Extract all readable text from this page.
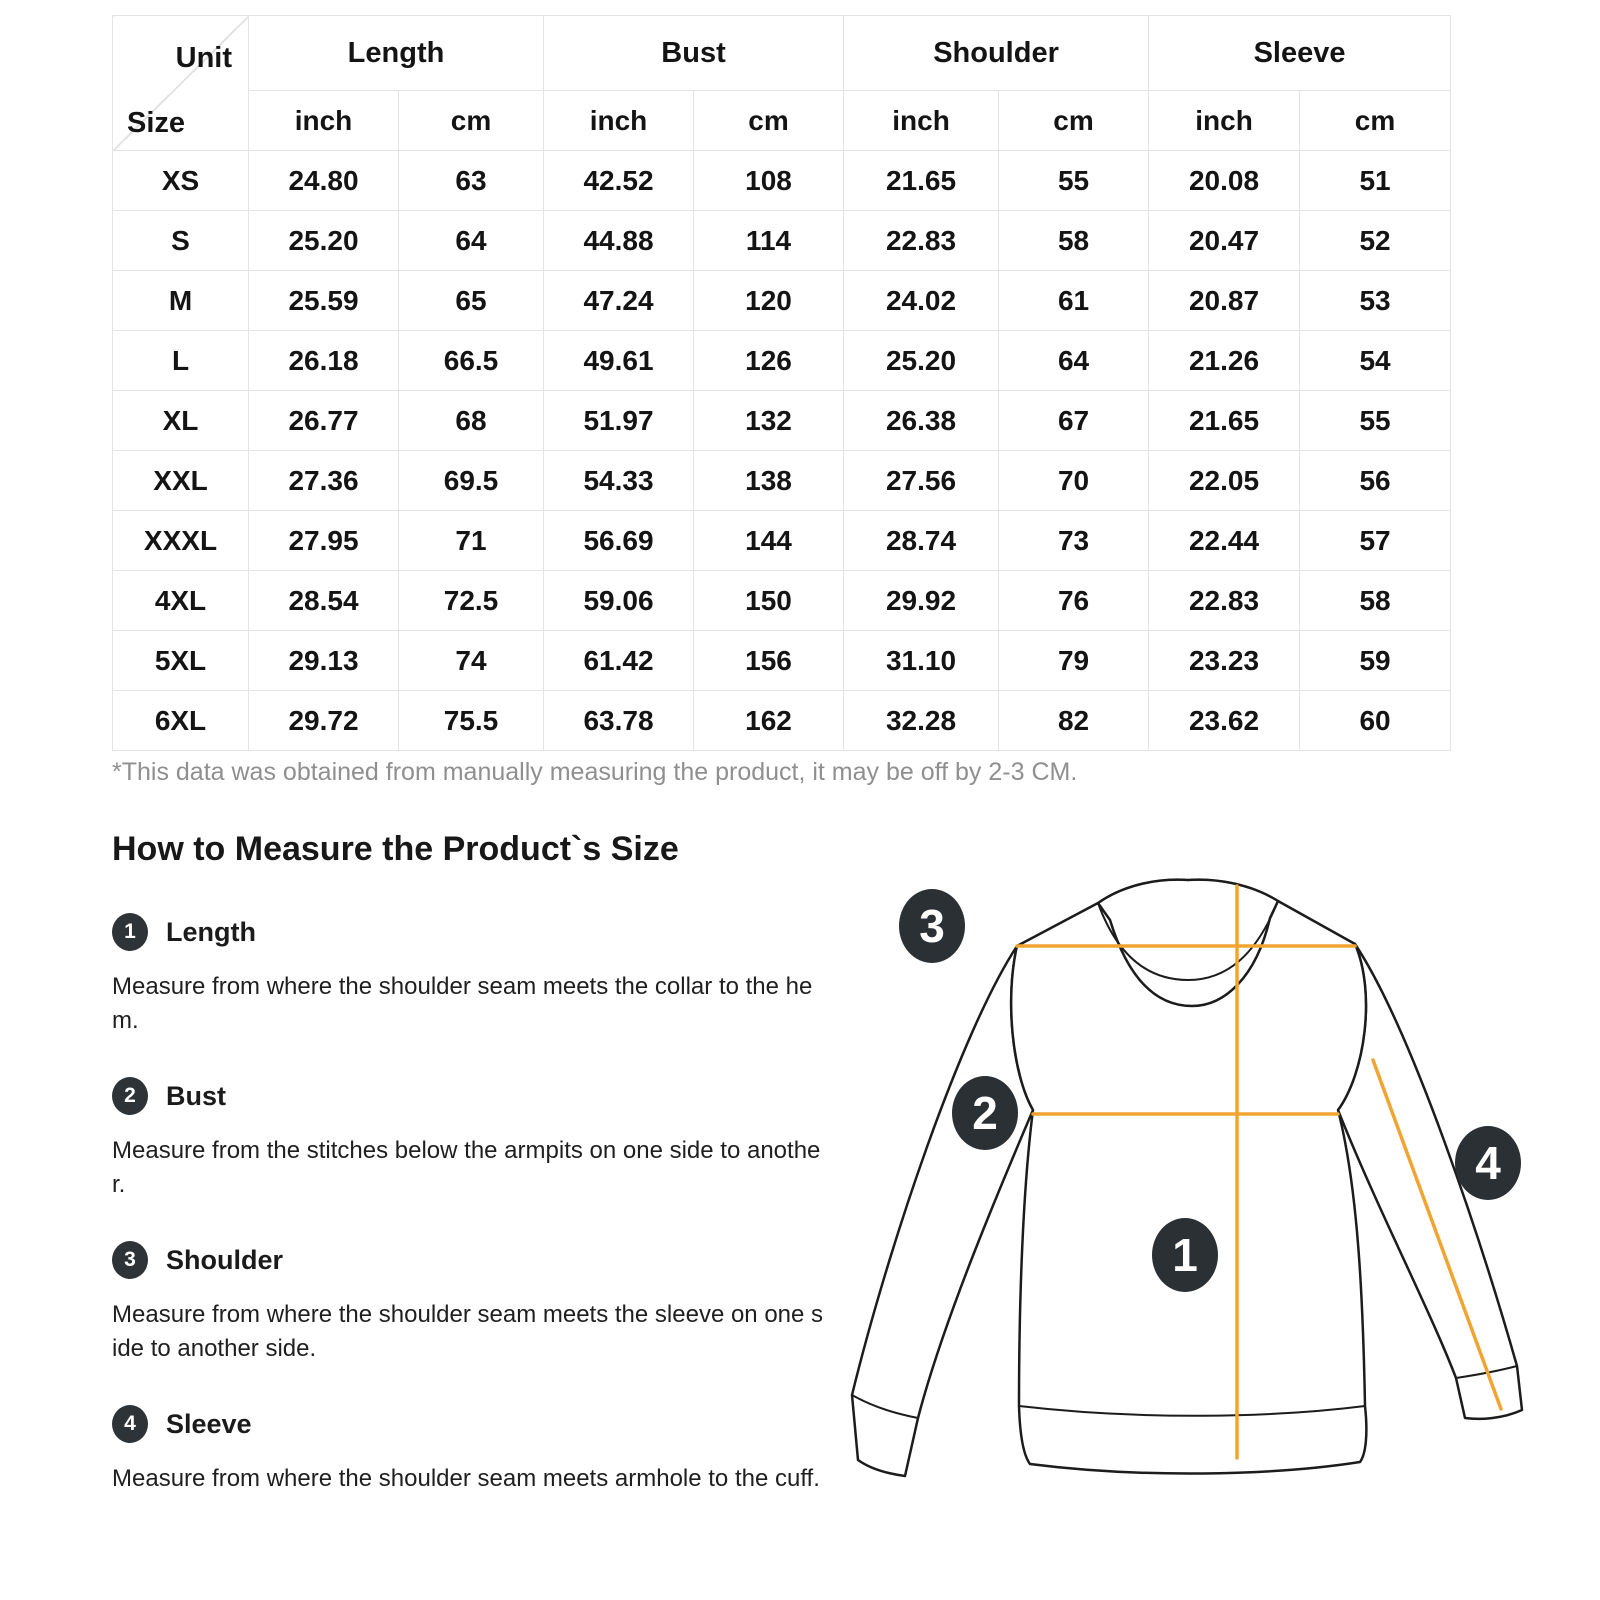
Unit
Size	Length		Bust		Shoulder		Sleeve	
	inch	cm	inch	cm	inch	cm	inch	cm
XS	24.80	63	42.52	108	21.65	55	20.08	51
S	25.20	64	44.88	114	22.83	58	20.47	52
M	25.59	65	47.24	120	24.02	61	20.87	53
L	26.18	66.5	49.61	126	25.20	64	21.26	54
XL	26.77	68	51.97	132	26.38	67	21.65	55
XXL	27.36	69.5	54.33	138	27.56	70	22.05	56
XXXL	27.95	71	56.69	144	28.74	73	22.44	57
4XL	28.54	72.5	59.06	150	29.92	76	22.83	58
5XL	29.13	74	61.42	156	31.10	79	23.23	59
6XL	29.72	75.5	63.78	162	32.28	82	23.62	60
*This data was obtained from manually measuring the product, it may be off by 2-3 CM.
How to Measure the Product`s Size
1	Length
Measure from where the shoulder seam meets the collar to the hem.
2	Bust
Measure from the stitches below the armpits on one side to another.
3	Shoulder
Measure from where the shoulder seam meets the sleeve on one side to another side.
4	Sleeve
Measure from where the shoulder seam meets armhole to the cuff.
3
2
1
4
